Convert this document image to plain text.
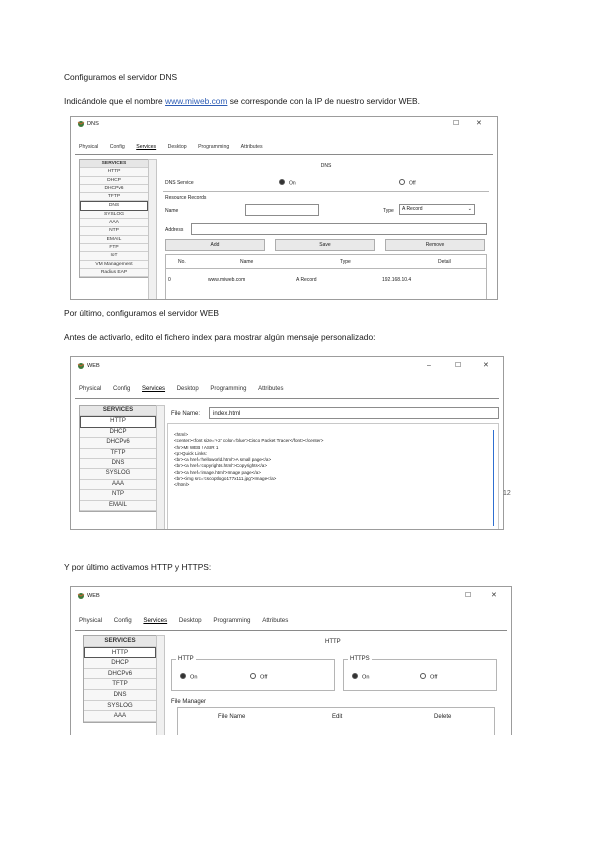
Configuramos el servidor DNS
Indicándole que el nombre www.miweb.com se corresponde con la IP de nuestro servidor WEB.
DNS	☐ ✕
Physical Config Services Desktop Programming Attributes
SERVICES
HTTP
DHCP
DHCPv6
TFTP
DNS
SYSLOG
AAA
NTP
EMAIL
FTP
IoT
VM Management
Radius EAP
DNS
DNS Service	On	Off
Resource Records
Name	Type	A Record	⌄
Address
Add	Save	Remove
No.	Name	Type	Detail
0	www.miweb.com	A Record	192.168.10.4
Por último, configuramos el servidor WEB
Antes de activarlo, edito el fichero index para mostrar algún mensaje personalizado:
WEB	–	☐	✕
Physical Config Services Desktop Programming Attributes
SERVICES
HTTP
DHCP
DHCPv6
TFTP
DNS
SYSLOG
AAA
NTP
EMAIL
File Name:	index.html
<html>
<center><font size='+2' color='blue'>Cisco Packet Tracer</font></center>
<hr>MI WEB ! ASIR 1
<p>Quick Links:
<br><a href='helloworld.html'>A small page</a>
<br><a href='copyrights.html'>Copyrights</a>
<br><a href='image.html'>Image page</a>
<br><img src='cscoptlogo177x111.jpg'>Image</a>
</html>
12
Y por último activamos HTTP y HTTPS:
WEB	☐	✕
Physical Config Services Desktop Programming Attributes
SERVICES
HTTP
DHCP
DHCPv6
TFTP
DNS
SYSLOG
AAA
HTTP
HTTP
On	Off
HTTPS
On	Off
File Manager
File Name	Edit	Delete
